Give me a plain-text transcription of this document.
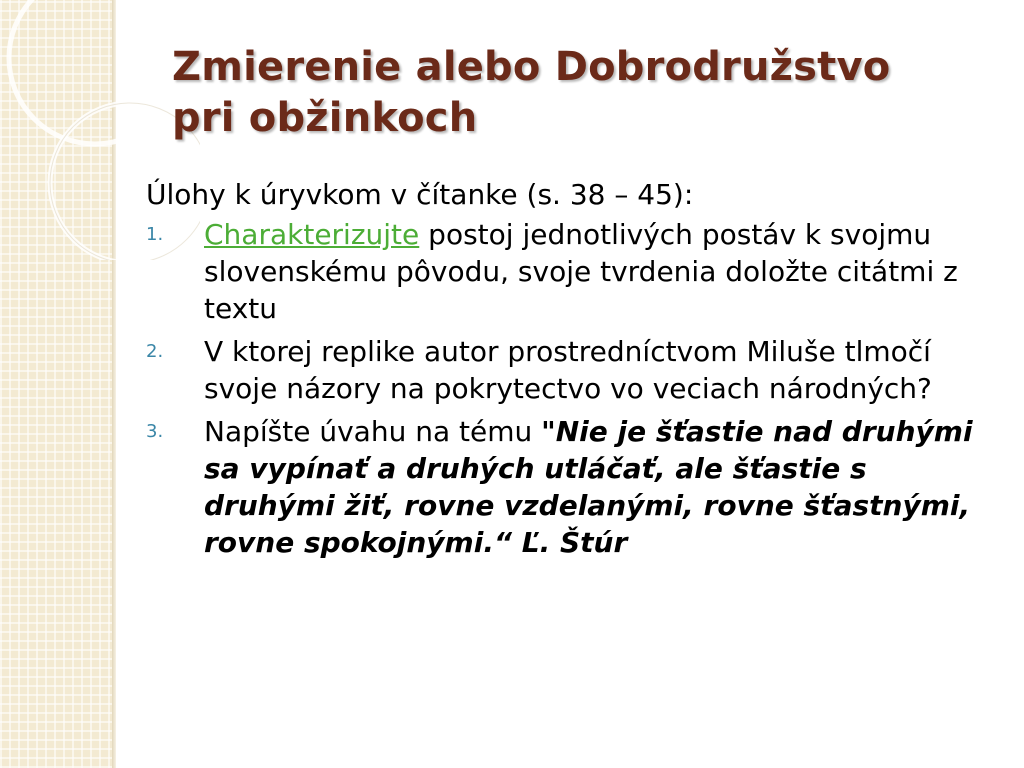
Zmierenie alebo Dobrodružstvo
pri obžinkoch
Úlohy k úryvkom v čítanke (s. 38 – 45):
1. Charakterizujte postoj jednotlivých postáv k svojmu slovenskému pôvodu, svoje tvrdenia doložte citátmi z textu
2. V ktorej replike autor prostredníctvom Miluše tlmočí svoje názory na pokrytectvo vo veciach národných?
3. Napíšte úvahu na tému "Nie je šťastie nad druhými sa vypínať a druhých utláčať, ale šťastie s druhými žiť, rovne vzdelanými, rovne šťastnými, rovne spokojnými.“ Ľ. Štúr
